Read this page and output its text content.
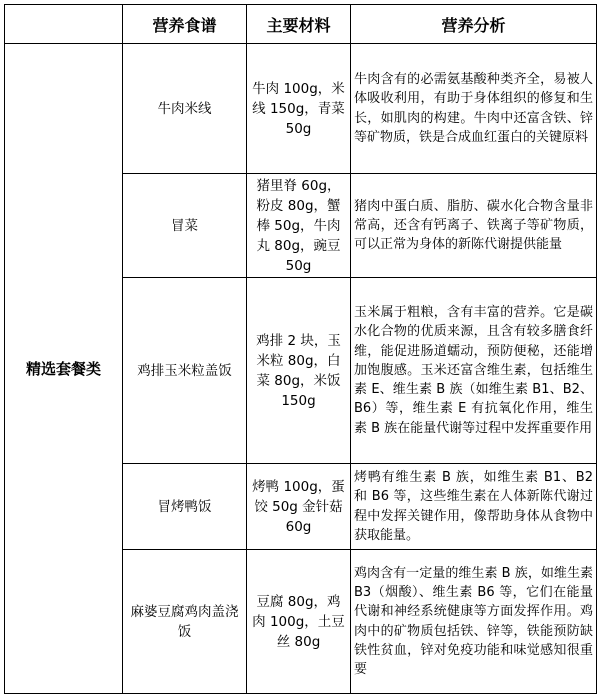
	营养食谱	主要材料	营养分析
精选套餐类	牛肉米线	牛肉 100g，米线 150g，青菜 50g	牛肉含有的必需氨基酸种类齐全，易被人体吸收利用，有助于身体组织的修复和生长，如肌肉的构建。牛肉中还富含铁、锌等矿物质，铁是合成血红蛋白的关键原料
	冒菜	猪里脊 60g，粉皮 80g，蟹棒 50g，牛肉丸 80g，豌豆 50g	猪肉中蛋白质、脂肪、碳水化合物含量非常高，还含有钙离子、铁离子等矿物质，可以正常为身体的新陈代谢提供能量
	鸡排玉米粒盖饭	鸡排 2 块，玉米粒 80g，白菜 80g，米饭 150g	玉米属于粗粮，含有丰富的营养。它是碳水化合物的优质来源，且含有较多膳食纤维，能促进肠道蠕动，预防便秘，还能增加饱腹感。玉米还富含维生素，包括维生素 E、维生素 B 族（如维生素 B1、B2、B6）等，维生素 E 有抗氧化作用，维生素 B 族在能量代谢等过程中发挥重要作用
	冒烤鸭饭	烤鸭 100g，蛋饺 50g 金针菇 60g	烤鸭有维生素 B 族，如维生素 B1、B2 和 B6 等，这些维生素在人体新陈代谢过程中发挥关键作用，像帮助身体从食物中获取能量。
	麻婆豆腐鸡肉盖浇饭	豆腐 80g，鸡肉 100g，土豆丝 80g	鸡肉含有一定量的维生素 B 族，如维生素 B3（烟酸）、维生素 B6 等，它们在能量代谢和神经系统健康等方面发挥作用。鸡肉中的矿物质包括铁、锌等，铁能预防缺铁性贫血，锌对免疫功能和味觉感知很重要
